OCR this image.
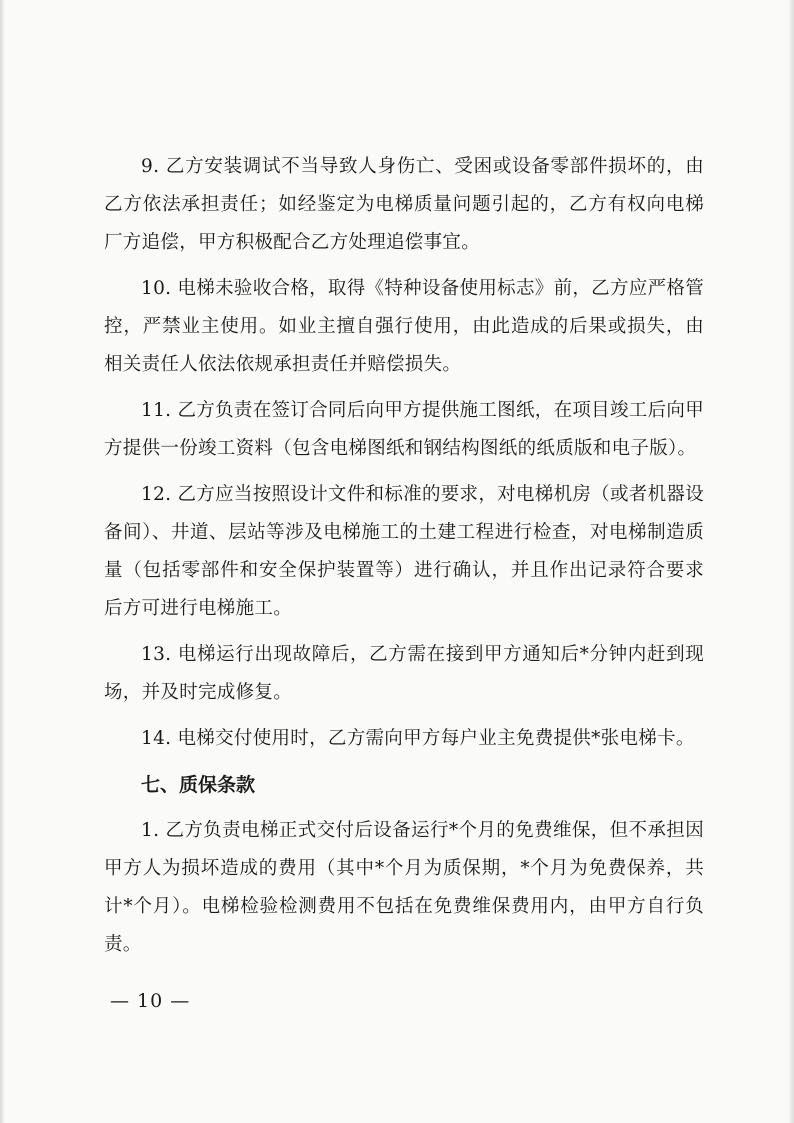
9. 乙方安装调试不当导致人身伤亡、受困或设备零部件损坏的，由乙方依法承担责任；如经鉴定为电梯质量问题引起的，乙方有权向电梯厂方追偿，甲方积极配合乙方处理追偿事宜。

10. 电梯未验收合格，取得《特种设备使用标志》前，乙方应严格管控，严禁业主使用。如业主擅自强行使用，由此造成的后果或损失，由相关责任人依法依规承担责任并赔偿损失。

11. 乙方负责在签订合同后向甲方提供施工图纸，在项目竣工后向甲方提供一份竣工资料（包含电梯图纸和钢结构图纸的纸质版和电子版）。

12. 乙方应当按照设计文件和标准的要求，对电梯机房（或者机器设备间）、井道、层站等涉及电梯施工的土建工程进行检查，对电梯制造质量（包括零部件和安全保护装置等）进行确认，并且作出记录符合要求后方可进行电梯施工。

13. 电梯运行出现故障后，乙方需在接到甲方通知后*分钟内赶到现场，并及时完成修复。

14. 电梯交付使用时，乙方需向甲方每户业主免费提供*张电梯卡。

七、质保条款

1. 乙方负责电梯正式交付后设备运行*个月的免费维保，但不承担因甲方人为损坏造成的费用（其中*个月为质保期，*个月为免费保养，共计*个月）。电梯检验检测费用不包括在免费维保费用内，由甲方自行负责。

— 10 —
